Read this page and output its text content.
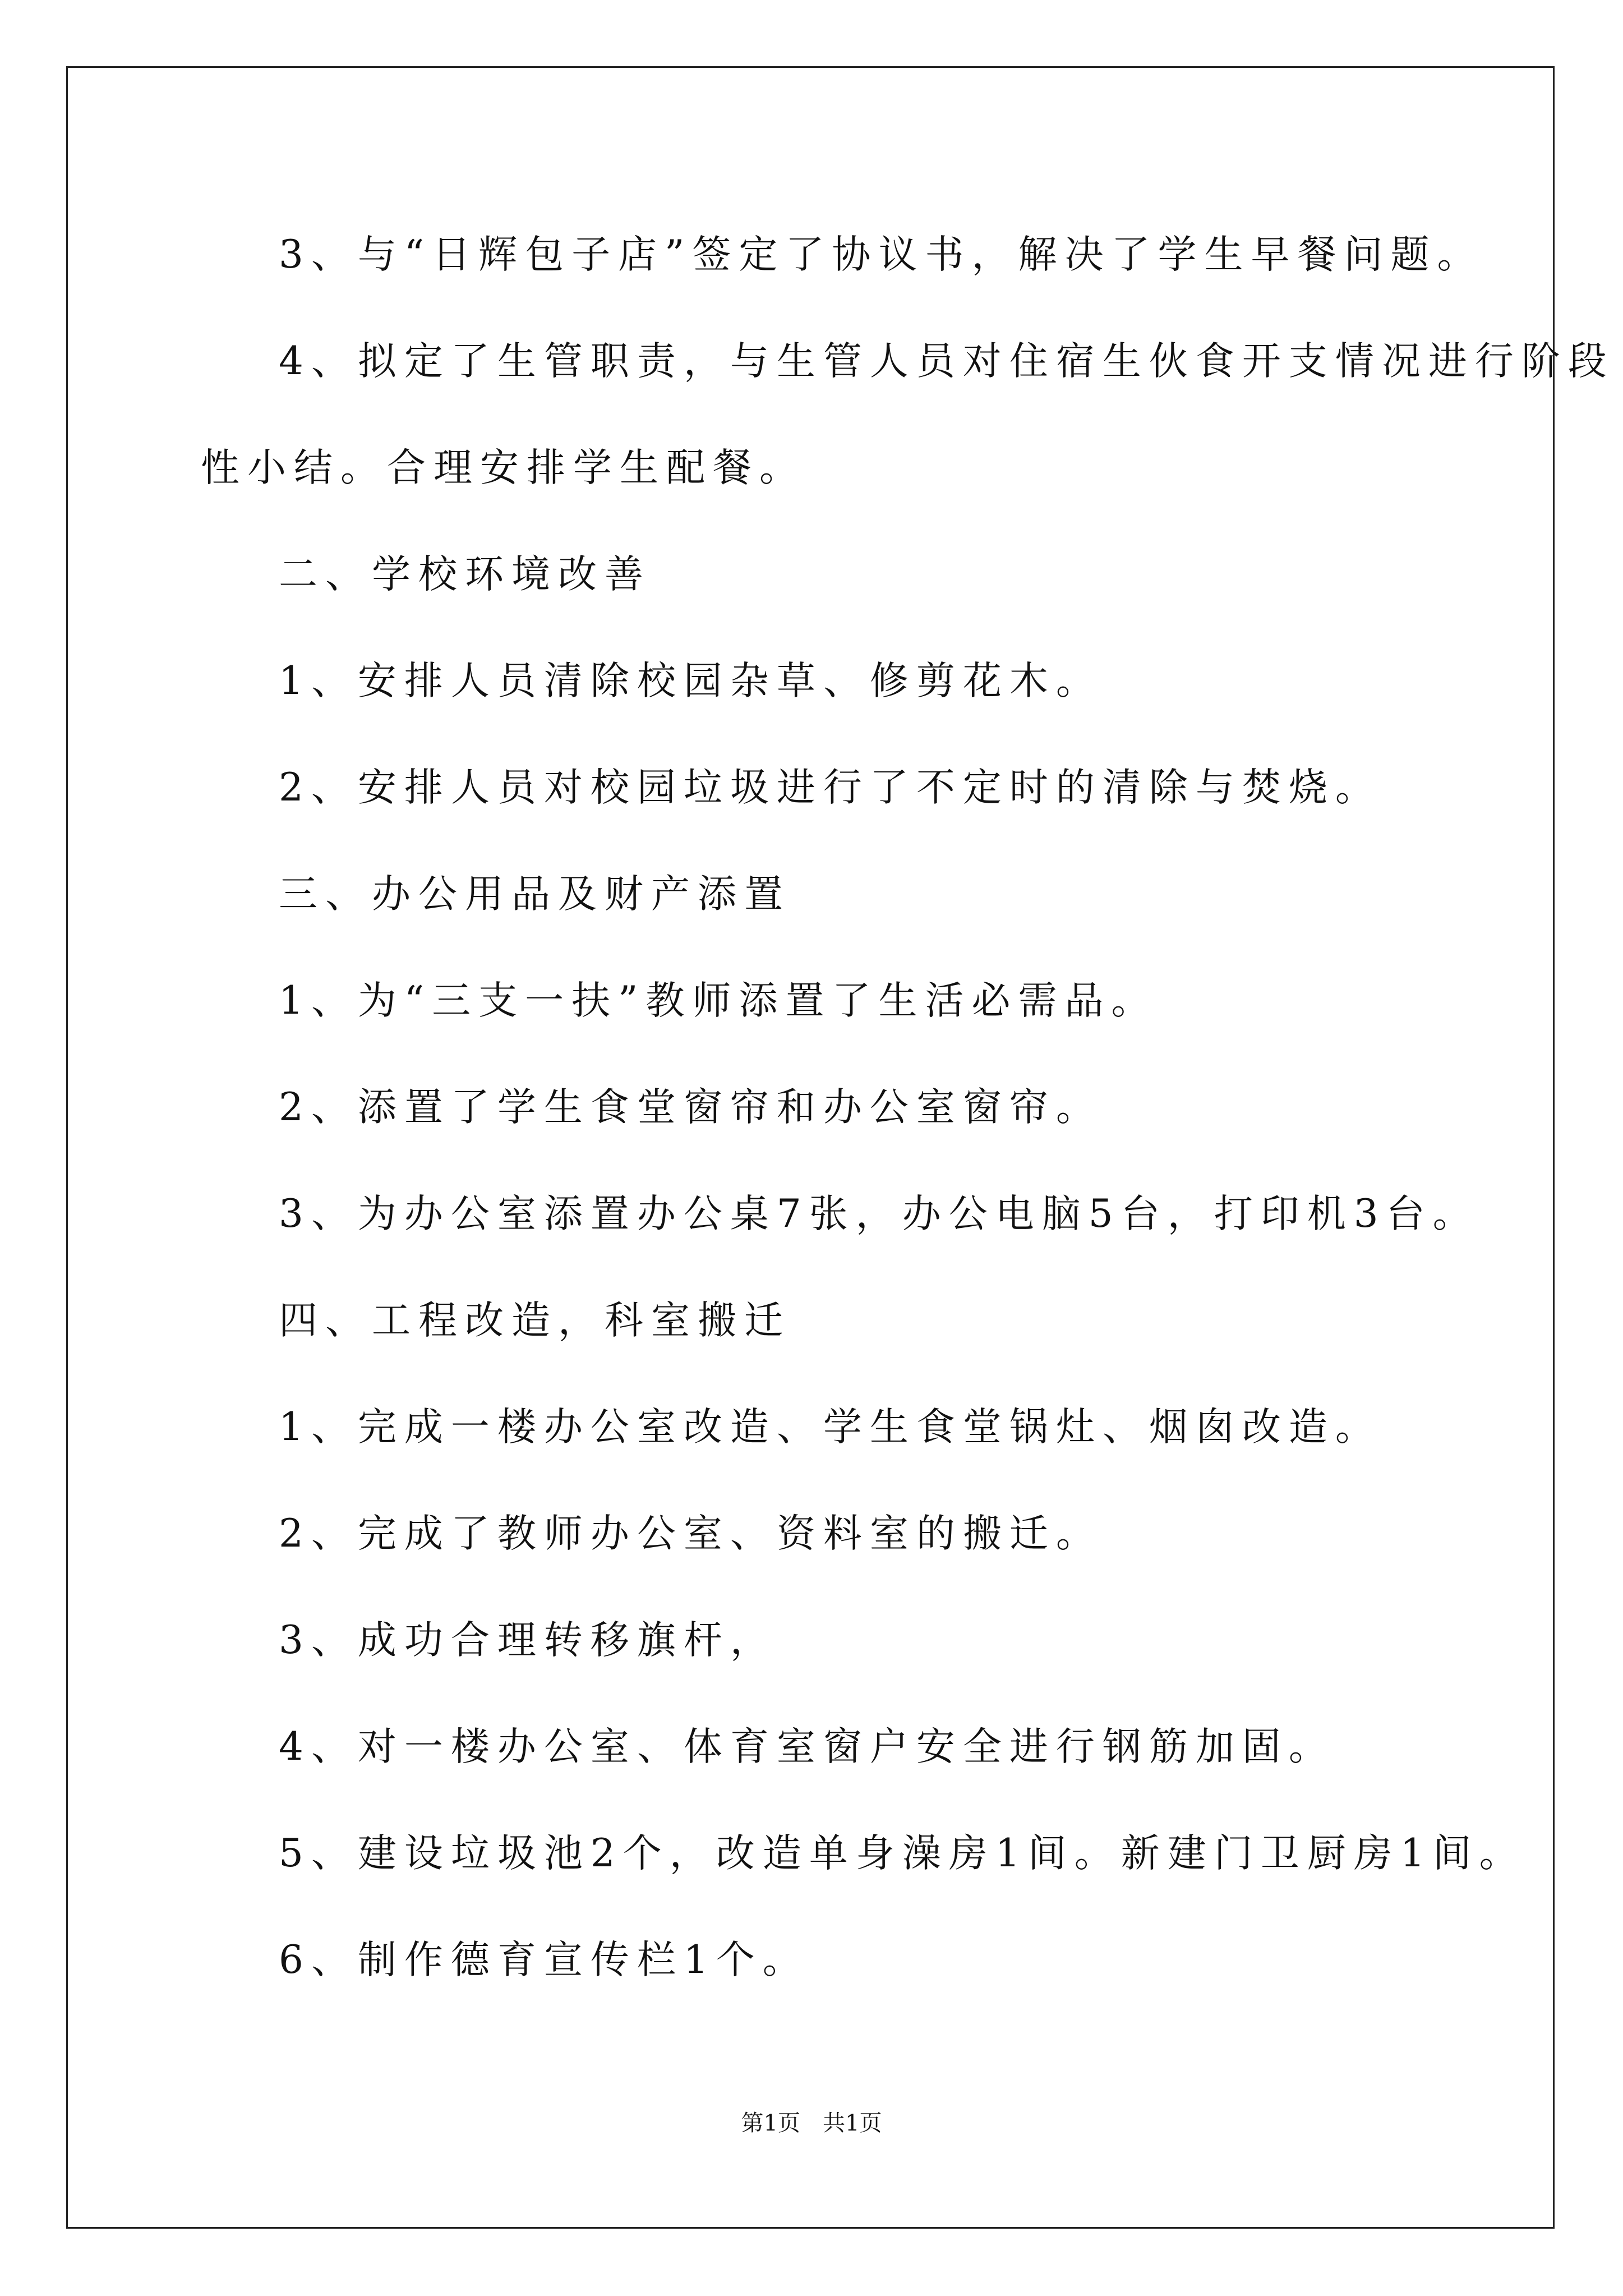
3、与“日辉包子店”签定了协议书，解决了学生早餐问题。
4、拟定了生管职责，与生管人员对住宿生伙食开支情况进行阶段
性小结。合理安排学生配餐。
二、学校环境改善
1、安排人员清除校园杂草、修剪花木。
2、安排人员对校园垃圾进行了不定时的清除与焚烧。
三、办公用品及财产添置
1、为“三支一扶”教师添置了生活必需品。
2、添置了学生食堂窗帘和办公室窗帘。
3、为办公室添置办公桌7张，办公电脑5台，打印机3台。
四、工程改造，科室搬迁
1、完成一楼办公室改造、学生食堂锅灶、烟囱改造。
2、完成了教师办公室、资料室的搬迁。
3、成功合理转移旗杆，
4、对一楼办公室、体育室窗户安全进行钢筋加固。
5、建设垃圾池2个，改造单身澡房1间。新建门卫厨房1间。
6、制作德育宣传栏1个。
第1页　共1页
